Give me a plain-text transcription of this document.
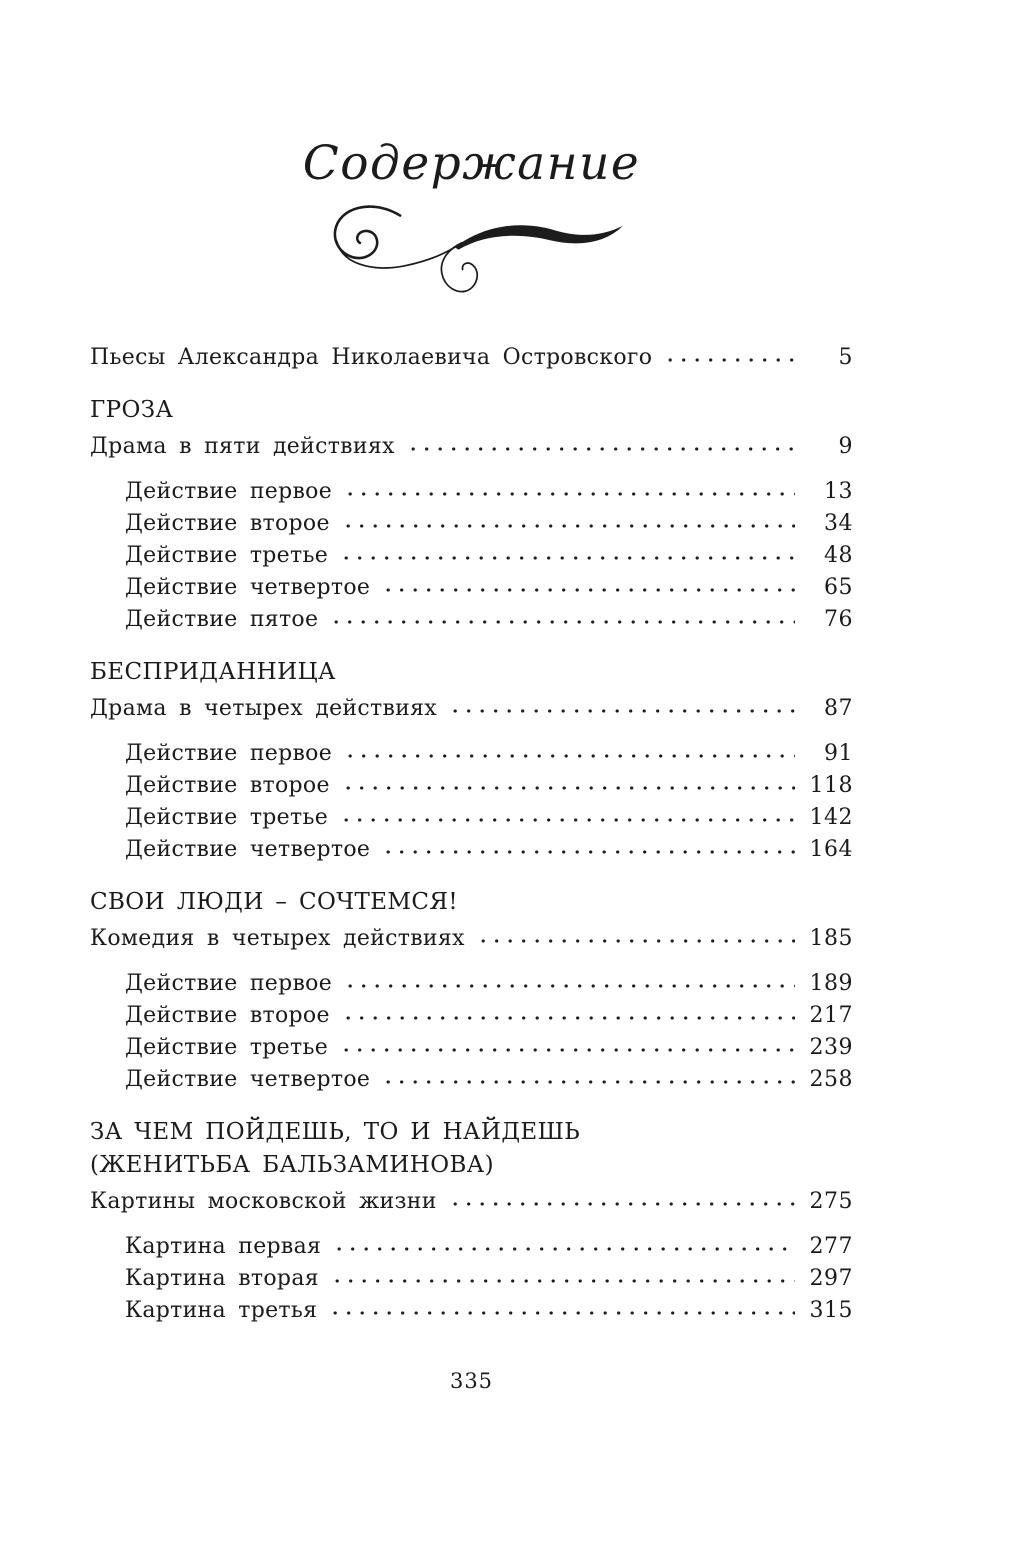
Содержание
Пьесы Александра Николаевича Островского	5
ГРОЗА
Драма в пяти действиях	9
Действие первое	13
Действие второе	34
Действие третье	48
Действие четвертое	65
Действие пятое	76
БЕСПРИДАННИЦА
Драма в четырех действиях	87
Действие первое	91
Действие второе	118
Действие третье	142
Действие четвертое	164
СВОИ ЛЮДИ – СОЧТЕМСЯ!
Комедия в четырех действиях	185
Действие первое	189
Действие второе	217
Действие третье	239
Действие четвертое	258
ЗА ЧЕМ ПОЙДЕШЬ, ТО И НАЙДЕШЬ
(ЖЕНИТЬБА БАЛЬЗАМИНОВА)
Картины московской жизни	275
Картина первая	277
Картина вторая	297
Картина третья	315
335
